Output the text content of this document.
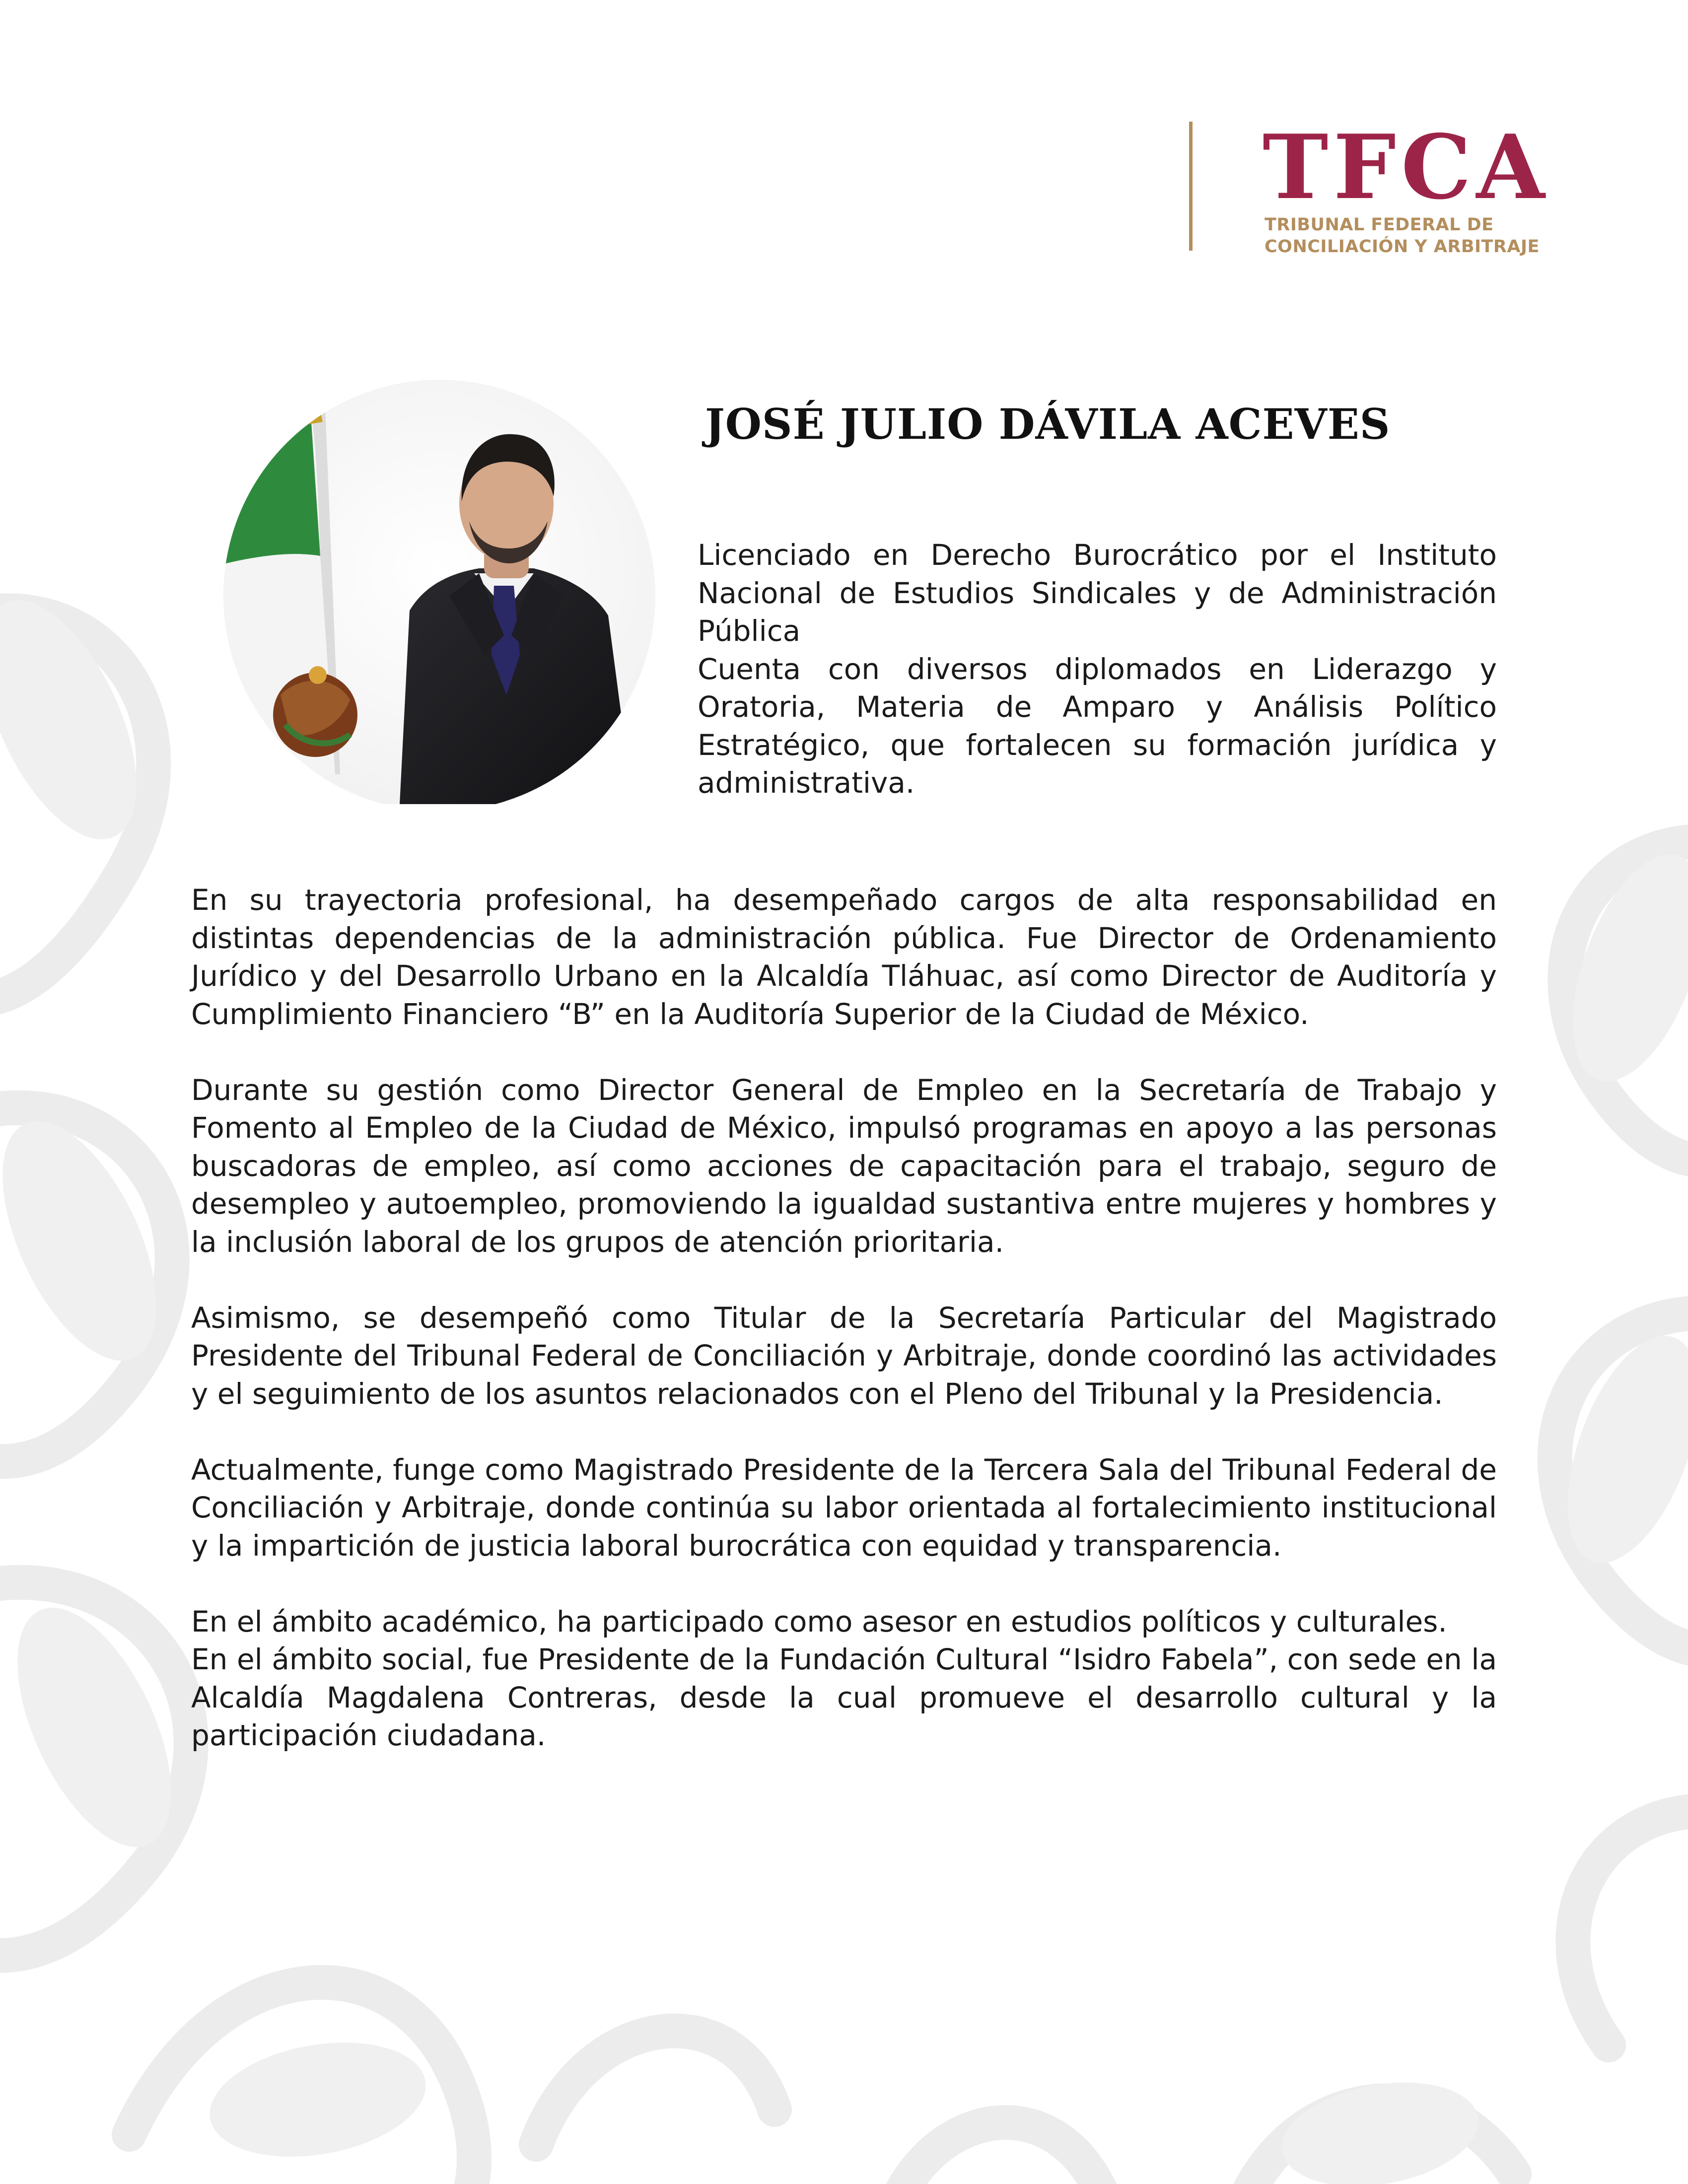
TFCA
TRIBUNAL FEDERAL DE
CONCILIACIÓN Y ARBITRAJE
JOSÉ JULIO DÁVILA ACEVES

Licenciado en Derecho Burocrático por el Instituto Nacional de Estudios Sindicales y de Administración Pública

Cuenta con diversos diplomados en Liderazgo y Oratoria, Materia de Amparo y Análisis Político Estratégico, que fortalecen su formación jurídica y administrativa.

En su trayectoria profesional, ha desempeñado cargos de alta responsabilidad en distintas dependencias de la administración pública. Fue Director de Ordenamiento Jurídico y del Desarrollo Urbano en la Alcaldía Tláhuac, así como Director de Auditoría y Cumplimiento Financiero “B” en la Auditoría Superior de la Ciudad de México.

Durante su gestión como Director General de Empleo en la Secretaría de Trabajo y Fomento al Empleo de la Ciudad de México, impulsó programas en apoyo a las personas buscadoras de empleo, así como acciones de capacitación para el trabajo, seguro de desempleo y autoempleo, promoviendo la igualdad sustantiva entre mujeres y hombres y la inclusión laboral de los grupos de atención prioritaria.

Asimismo, se desempeñó como Titular de la Secretaría Particular del Magistrado Presidente del Tribunal Federal de Conciliación y Arbitraje, donde coordinó las actividades y el seguimiento de los asuntos relacionados con el Pleno del Tribunal y la Presidencia.

Actualmente, funge como Magistrado Presidente de la Tercera Sala del Tribunal Federal de Conciliación y Arbitraje, donde continúa su labor orientada al fortalecimiento institucional y la impartición de justicia laboral burocrática con equidad y transparencia.

En el ámbito académico, ha participado como asesor en estudios políticos y culturales.

En el ámbito social, fue Presidente de la Fundación Cultural “Isidro Fabela”, con sede en la Alcaldía Magdalena Contreras, desde la cual promueve el desarrollo cultural y la participación ciudadana.
